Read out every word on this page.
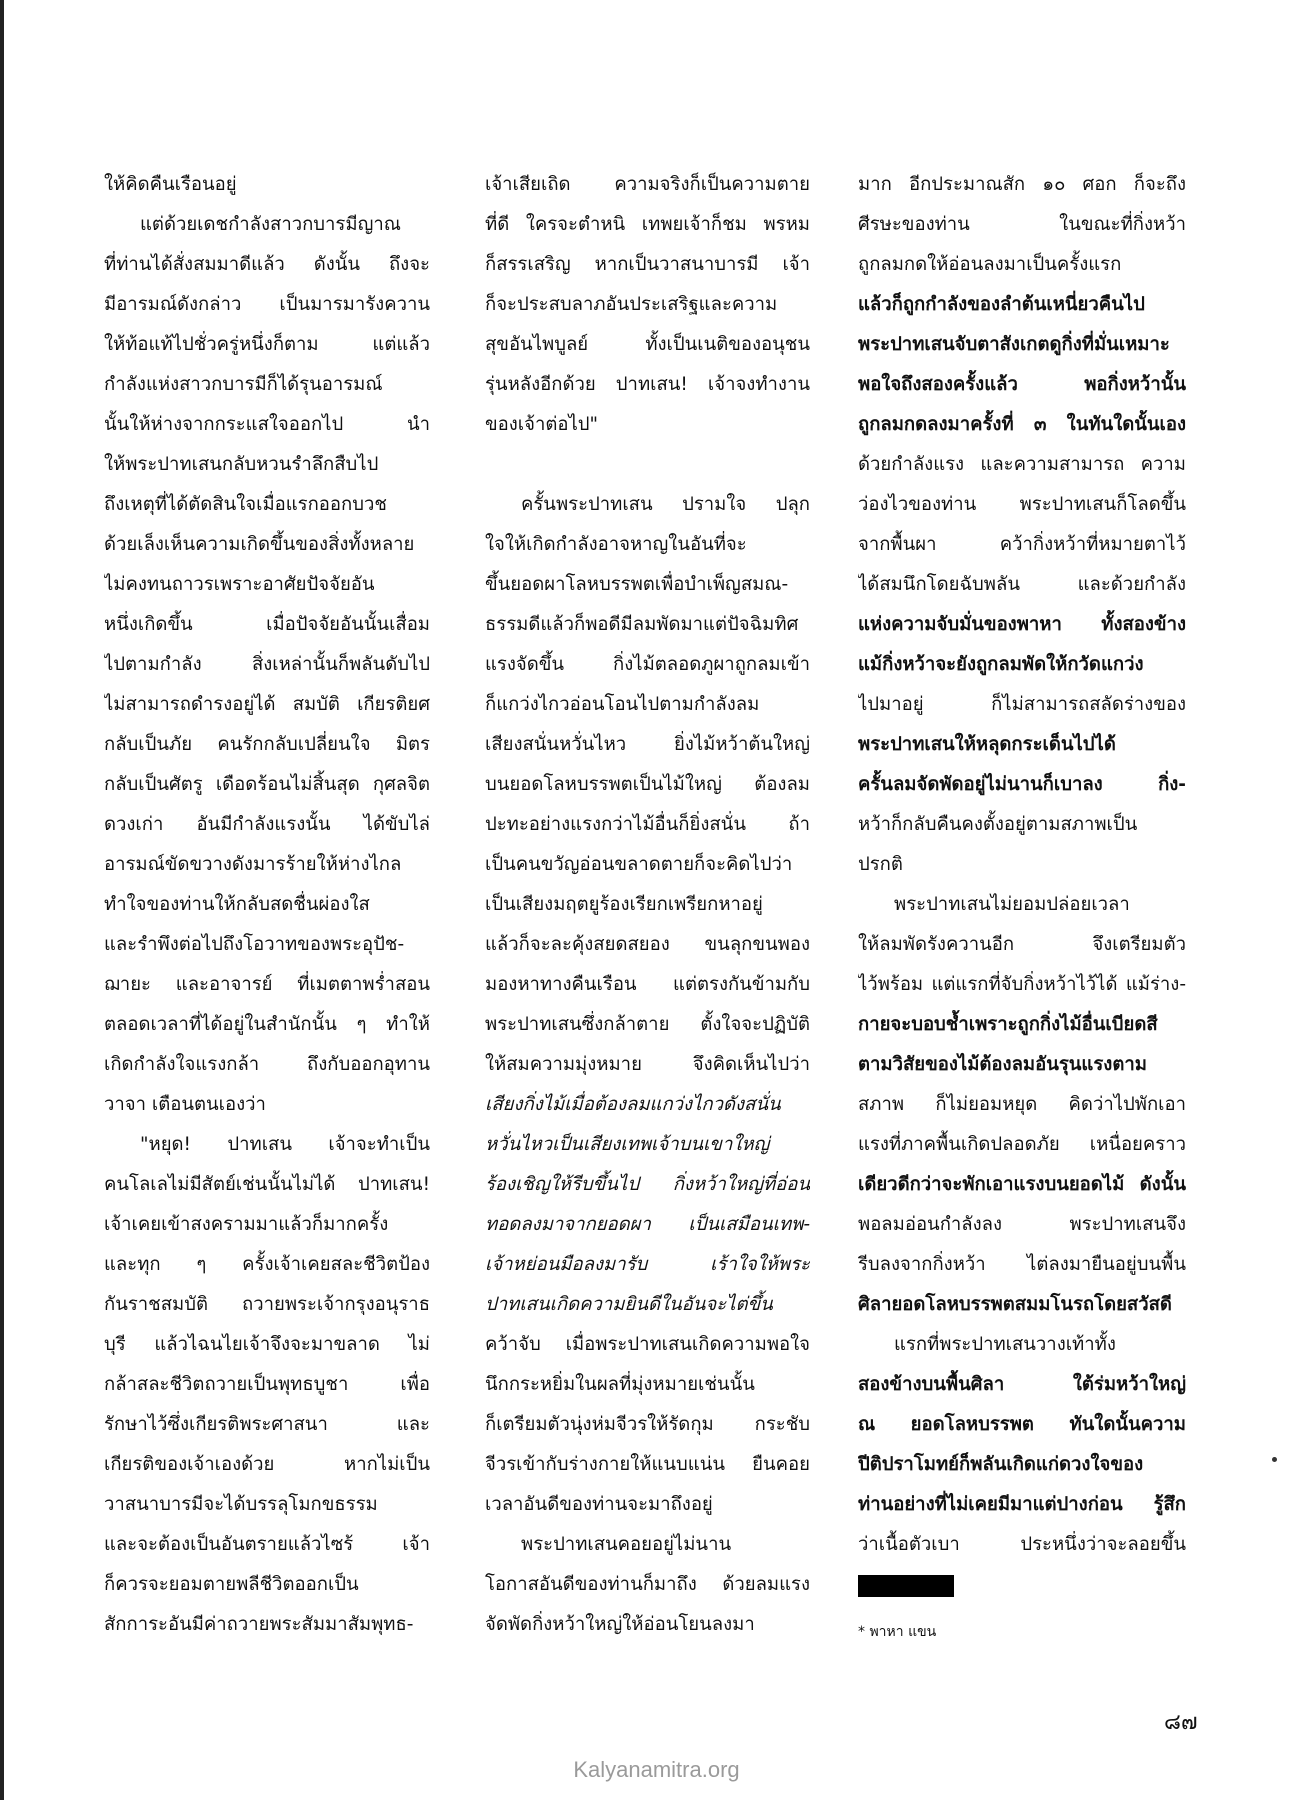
ให้คิดคืนเรือนอยู่
แต่ด้วยเดชกำลังสาวกบารมีญาณ
ที่ท่านได้สั่งสมมาดีแล้ว ดังนั้น ถึงจะ
มีอารมณ์ดังกล่าว เป็นมารมารังควาน
ให้ท้อแท้ไปชั่วครู่หนึ่งก็ตาม แต่แล้ว
กำลังแห่งสาวกบารมีก็ได้รุนอารมณ์
นั้นให้ห่างจากกระแสใจออกไป นำ
ให้พระปาทเสนกลับหวนรำลึกสืบไป
ถึงเหตุที่ได้ตัดสินใจเมื่อแรกออกบวช
ด้วยเล็งเห็นความเกิดขึ้นของสิ่งทั้งหลาย
ไม่คงทนถาวรเพราะอาศัยปัจจัยอัน
หนึ่งเกิดขึ้น เมื่อปัจจัยอันนั้นเสื่อม
ไปตามกำลัง สิ่งเหล่านั้นก็พลันดับไป
ไม่สามารถดำรงอยู่ได้ สมบัติ เกียรติยศ
กลับเป็นภัย คนรักกลับเปลี่ยนใจ มิตร
กลับเป็นศัตรู เดือดร้อนไม่สิ้นสุด กุศลจิต
ดวงเก่า อันมีกำลังแรงนั้น ได้ขับไล่
อารมณ์ขัดขวางดังมารร้ายให้ห่างไกล
ทำใจของท่านให้กลับสดชื่นผ่องใส
และรำพึงต่อไปถึงโอวาทของพระอุปัช-
ฌายะ และอาจารย์ ที่เมตตาพร่ำสอน
ตลอดเวลาที่ได้อยู่ในสำนักนั้น ๆ ทำให้
เกิดกำลังใจแรงกล้า ถึงกับออกอุทาน
วาจา เตือนตนเองว่า
"หยุด! ปาทเสน เจ้าจะทำเป็น
คนโลเลไม่มีสัตย์เช่นนั้นไม่ได้ ปาทเสน!
เจ้าเคยเข้าสงครามมาแล้วก็มากครั้ง
และทุก ๆ ครั้งเจ้าเคยสละชีวิตป้อง
กันราชสมบัติ ถวายพระเจ้ากรุงอนุราธ
บุรี แล้วไฉนไยเจ้าจึงจะมาขลาด ไม่
กล้าสละชีวิตถวายเป็นพุทธบูชา เพื่อ
รักษาไว้ซึ่งเกียรติพระศาสนา และ
เกียรติของเจ้าเองด้วย หากไม่เป็น
วาสนาบารมีจะได้บรรลุโมกขธรรม
และจะต้องเป็นอันตรายแล้วไซร้ เจ้า
ก็ควรจะยอมตายพลีชีวิตออกเป็น
สักการะอันมีค่าถวายพระสัมมาสัมพุทธ-
เจ้าเสียเถิด ความจริงก็เป็นความตาย
ที่ดี ใครจะตำหนิ เทพยเจ้าก็ชม พรหม
ก็สรรเสริญ หากเป็นวาสนาบารมี เจ้า
ก็จะประสบลาภอันประเสริฐและความ
สุขอันไพบูลย์ ทั้งเป็นเนติของอนุชน
รุ่นหลังอีกด้วย ปาทเสน! เจ้าจงทำงาน
ของเจ้าต่อไป"
ครั้นพระปาทเสน ปรามใจ ปลุก
ใจให้เกิดกำลังอาจหาญในอันที่จะ
ขึ้นยอดผาโลหบรรพตเพื่อบำเพ็ญสมณ-
ธรรมดีแล้วก็พอดีมีลมพัดมาแต่ปัจฉิมทิศ
แรงจัดขึ้น กิ่งไม้ตลอดภูผาถูกลมเข้า
ก็แกว่งไกวอ่อนโอนไปตามกำลังลม
เสียงสนั่นหวั่นไหว ยิ่งไม้หว้าต้นใหญ่
บนยอดโลหบรรพตเป็นไม้ใหญ่ ต้องลม
ปะทะอย่างแรงกว่าไม้อื่นก็ยิ่งสนั่น ถ้า
เป็นคนขวัญอ่อนขลาดตายก็จะคิดไปว่า
เป็นเสียงมฤตยูร้องเรียกเพรียกหาอยู่
แล้วก็จะละคุ้งสยดสยอง ขนลุกขนพอง
มองหาทางคืนเรือน แต่ตรงกันข้ามกับ
พระปาทเสนซึ่งกล้าตาย ตั้งใจจะปฏิบัติ
ให้สมความมุ่งหมาย จึงคิดเห็นไปว่า
เสียงกิ่งไม้เมื่อต้องลมแกว่งไกวดังสนั่น
หวั่นไหวเป็นเสียงเทพเจ้าบนเขาใหญ่
ร้องเชิญให้รีบขึ้นไป กิ่งหว้าใหญ่ที่อ่อน
ทอดลงมาจากยอดผา เป็นเสมือนเทพ-
เจ้าหย่อนมือลงมารับ เร้าใจให้พระ
ปาทเสนเกิดความยินดีในอันจะไต่ขึ้น
คว้าจับ เมื่อพระปาทเสนเกิดความพอใจ
นึกกระหยิ่มในผลที่มุ่งหมายเช่นนั้น
ก็เตรียมตัวนุ่งห่มจีวรให้รัดกุม กระชับ
จีวรเข้ากับร่างกายให้แนบแน่น ยืนคอย
เวลาอันดีของท่านจะมาถึงอยู่
พระปาทเสนคอยอยู่ไม่นาน
โอกาสอันดีของท่านก็มาถึง ด้วยลมแรง
จัดพัดกิ่งหว้าใหญ่ให้อ่อนโยนลงมา
มาก อีกประมาณสัก ๑๐ ศอก ก็จะถึง
ศีรษะของท่าน ในขณะที่กิ่งหว้า
ถูกลมกดให้อ่อนลงมาเป็นครั้งแรก
แล้วก็ถูกกำลังของลำต้นเหนี่ยวคืนไป
พระปาทเสนจับตาสังเกตดูกิ่งที่มั่นเหมาะ
พอใจถึงสองครั้งแล้ว พอกิ่งหว้านั้น
ถูกลมกดลงมาครั้งที่ ๓ ในทันใดนั้นเอง
ด้วยกำลังแรง และความสามารถ ความ
ว่องไวของท่าน พระปาทเสนก็โลดขึ้น
จากพื้นผา คว้ากิ่งหว้าที่หมายตาไว้
ได้สมนึกโดยฉับพลัน และด้วยกำลัง
แห่งความจับมั่นของพาหา ทั้งสองข้าง
แม้กิ่งหว้าจะยังถูกลมพัดให้กวัดแกว่ง
ไปมาอยู่ ก็ไม่สามารถสลัดร่างของ
พระปาทเสนให้หลุดกระเด็นไปได้
ครั้นลมจัดพัดอยู่ไม่นานก็เบาลง กิ่ง-
หว้าก็กลับคืนคงตั้งอยู่ตามสภาพเป็น
ปรกติ
พระปาทเสนไม่ยอมปล่อยเวลา
ให้ลมพัดรังควานอีก จึงเตรียมตัว
ไว้พร้อม แต่แรกที่จับกิ่งหว้าไว้ได้ แม้ร่าง-
กายจะบอบช้ำเพราะถูกกิ่งไม้อื่นเบียดสี
ตามวิสัยของไม้ต้องลมอันรุนแรงตาม
สภาพ ก็ไม่ยอมหยุด คิดว่าไปพักเอา
แรงที่ภาคพื้นเกิดปลอดภัย เหนื่อยคราว
เดียวดีกว่าจะพักเอาแรงบนยอดไม้ ดังนั้น
พอลมอ่อนกำลังลง พระปาทเสนจึง
รีบลงจากกิ่งหว้า ไต่ลงมายืนอยู่บนพื้น
ศิลายอดโลหบรรพตสมมโนรถโดยสวัสดี
แรกที่พระปาทเสนวางเท้าทั้ง
สองข้างบนพื้นศิลา ใต้ร่มหว้าใหญ่
ณ ยอดโลหบรรพต ทันใดนั้นความ
ปีติปราโมทย์ก็พลันเกิดแก่ดวงใจของ
ท่านอย่างที่ไม่เคยมีมาแต่ปางก่อน รู้สึก
ว่าเนื้อตัวเบา ประหนึ่งว่าจะลอยขึ้น
* พาหา แขน
๘๗
Kalyanamitra.org
